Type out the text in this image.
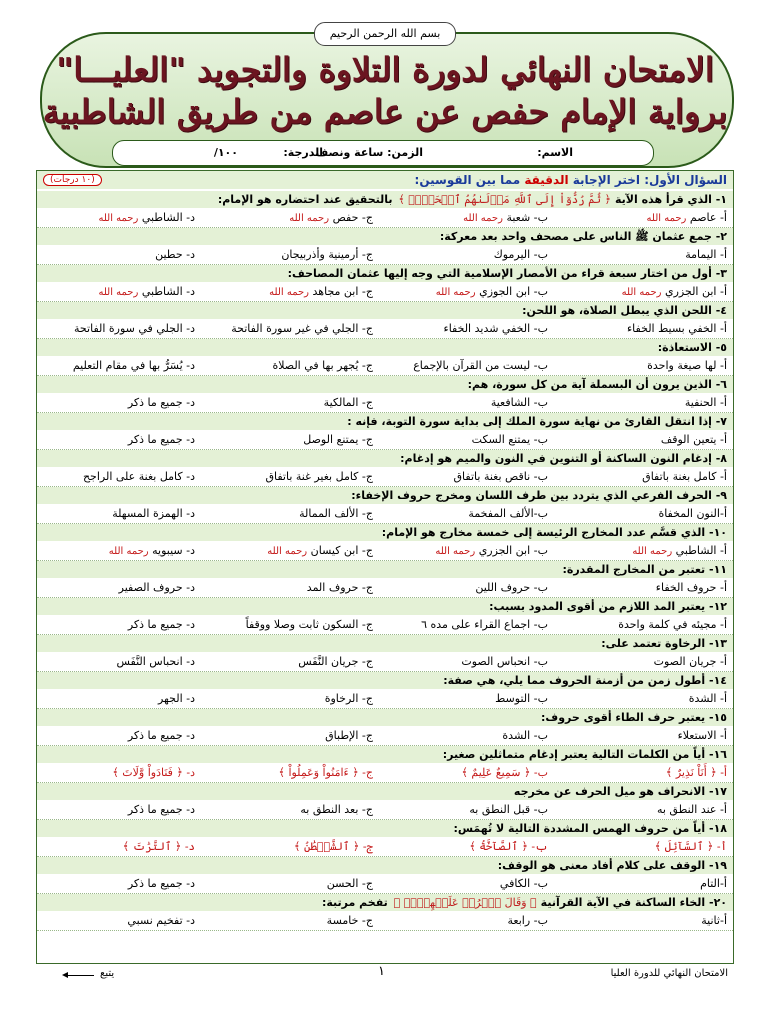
بسم الله الرحمن الرحيم
الامتحان النهائي لدورة التلاوة والتجويد "العليـــا"
برواية الإمام حفص عن عاصم من طريق الشاطبية
الاسم:
الزمن: ساعة ونصف
الدرجة:
١٠٠/
السؤال الأول: اختر الإجابة الدقيقة مما بين القوسين:
(١٠ درجات)
١- الذي قرأ هذه الآية﴿ ثُمَّ رُدُّوٓاْ إِلَى ٱللَّهِ مَوۡلَىٰهُمُ ٱلۡحَقِّۚ ﴾ بالتحقيق عند احتضاره هو الإمام:
أ- عاصم رحمه الله
ب- شعبة رحمه الله
ج- حفص رحمه الله
د- الشاطبي رحمه الله
٢- جمع عثمان ﷺ الناس على مصحف واحد بعد معركة:
أ- اليمامة
ب- اليرموك
ج- أرمينية وأذربيجان
د- حطين
٣- أول من اختار سبعة قراء من الأمصار الإسلامية التي وجه إليها عثمان المصاحف:
أ- ابن الجزري رحمه الله
ب- ابن الجوزي رحمه الله
ج- ابن مجاهد رحمه الله
د- الشاطبي رحمه الله
٤- اللحن الذي يبطل الصلاة، هو اللحن:
أ- الخفي بسيط الخفاء
ب- الخفي شديد الخفاء
ج- الجلي في غير سورة الفاتحة
د- الجلي في سورة الفاتحة
٥- الاستعاذة:
أ- لها صيغة واحدة
ب- ليست من القرآن بالإجماع
ج- يُجهر بها في الصلاة
د- يُسَرُّ بها في مقام التعليم
٦- الذين يرون أن البسملة آية من كل سورة، هم:
أ- الحنفية
ب- الشافعية
ج- المالكية
د- جميع ما ذكر
٧- إذا انتقل القارئ من نهاية سورة الملك إلى بداية سورة التوبة، فإنه :
أ- يتعين الوقف
ب- يمتنع السكت
ج- يمتنع الوصل
د- جميع ما ذكر
٨- إدغام النون الساكنة أو التنوين في النون والميم هو إدغام:
أ- كامل بغنة باتفاق
ب- ناقص بغنة باتفاق
ج- كامل بغير غنة باتفاق
د- كامل بغنة على الراجح
٩- الحرف الفرعي الذي يتردد بين طرف اللسان ومخرج حروف الإخفاء:
أ-النون المخفاة
ب-الألف المفخمة
ج- الألف الممالة
د- الهمزة المسهلة
١٠- الذي قسَّم عدد المخارج الرئيسة إلى خمسة مخارج هو الإمام:
أ- الشاطبي رحمه الله
ب- ابن الجزري رحمه الله
ج- ابن كيسان رحمه الله
د- سيبويه رحمه الله
١١- تعتبر من المخارج المقدرة:
أ- حروف الخفاء
ب- حروف اللين
ج- حروف المد
د- حروف الصفير
١٢- يعتبر المد اللازم من أقوى المدود بسبب:
أ- مجيئه في كلمة واحدة
ب- اجماع القراء على مده ٦
ج- السكون ثابت وصلا ووقفاً
د- جميع ما ذكر
١٣- الرخاوة تعتمد على:
أ- جريان الصوت
ب- انحباس الصوت
ج- جريان النَّفَس
د- انحباس النَّفَس
١٤- أطول زمن من أزمنة الحروف مما يلي، هي صفة:
أ- الشدة
ب- التوسط
ج- الرخاوة
د- الجهر
١٥- يعتبر حرف الطاء أقوى حروف:
أ- الاستعلاء
ب- الشدة
ج- الإطباق
د- جميع ما ذكر
١٦- أياً من الكلمات التالية يعتبر إدغام متماثلين صغير:
أ- ﴿ أَنَاْ نَذِيرٌ ﴾
ب- ﴿ سَمِيعٌ عَلِيمٌ ﴾
ج- ﴿ ءَامَنُواْ وَعَمِلُواْ ﴾
د- ﴿ فَنَادَواْ وَّلَاتَ ﴾
١٧- الانحراف هو ميل الحرف عن مخرجه
أ- عند النطق به
ب- قبل النطق به
ج- بعد النطق به
د- جميع ما ذكر
١٨- أياً من حروف الهمس المشددة التالية لا تُهمَس:
أ- ﴿ ٱلسَّآئِلَ ﴾
ب- ﴿ ٱلصَّآخَّةُ ﴾
ج- ﴿ ٱلشَّيۡطَٰنُ ﴾
د- ﴿ ٱلتَّرَٰتَ ﴾
١٩- الوقف على كلام أفاد معنى هو الوقف:
أ-التام
ب- الكافي
ج- الحسن
د- جميع ما ذكر
٢٠- الخاء الساكنة في الآية القرآنية﴿ وَقَالَ ٱخۡرُجۡ عَلَيۡهِنَّۖ ﴾ تفخم مرتبة:
أ-ثانية
ب- رابعة
ج- خامسة
د- تفخيم نسبي
الامتحان النهائي للدورة العليا
١
يتبع
